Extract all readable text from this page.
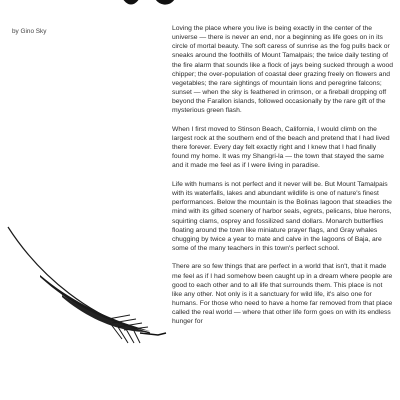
by Gino Sky	Loving the place where you live is being exactly in the center of the universe — there is never an end, nor a beginning as life goes on in its circle of mortal beauty. The soft caress of sunrise as the fog pulls back or sneaks around the foothills of Mount Tamalpais; the twice daily testing of the fire alarm that sounds like a flock of jays being sucked through a wood chipper; the over-population of coastal deer grazing freely on flowers and vegetables; the rare sightings of mountain lions and peregrine falcons; sunset — when the sky is feathered in crimson, or a fireball dropping off beyond the Farallon islands, followed occasionally by the rare gift of the mysterious green flash.

When I first moved to Stinson Beach, California, I would climb on the largest rock at the southern end of the beach and pretend that I had lived there forever. Every day felt exactly right and I knew that I had finally found my home. It was my Shangri-la — the town that stayed the same and it made me feel as if I were living in paradise.

Life with humans is not perfect and it never will be. But Mount Tamalpais with its waterfalls, lakes and abundant wildlife is one of nature's finest performances. Below the mountain is the Bolinas lagoon that steadies the mind with its gifted scenery of harbor seals, egrets, pelicans, blue herons, squirting clams, osprey and fossilized sand dollars. Monarch butterflies floating around the town like miniature prayer flags, and Gray whales chugging by twice a year to mate and calve in the lagoons of Baja, are some of the many teachers in this town's perfect school.

There are so few things that are perfect in a world that isn't, that it made me feel as if I had somehow been caught up in a dream where people are good to each other and to all life that surrounds them. This place is not like any other. Not only is it a sanctuary for wild life, it's also one for humans. For those who need to have a home far removed from that place called the real world — where that other life form goes on with its endless hunger for
